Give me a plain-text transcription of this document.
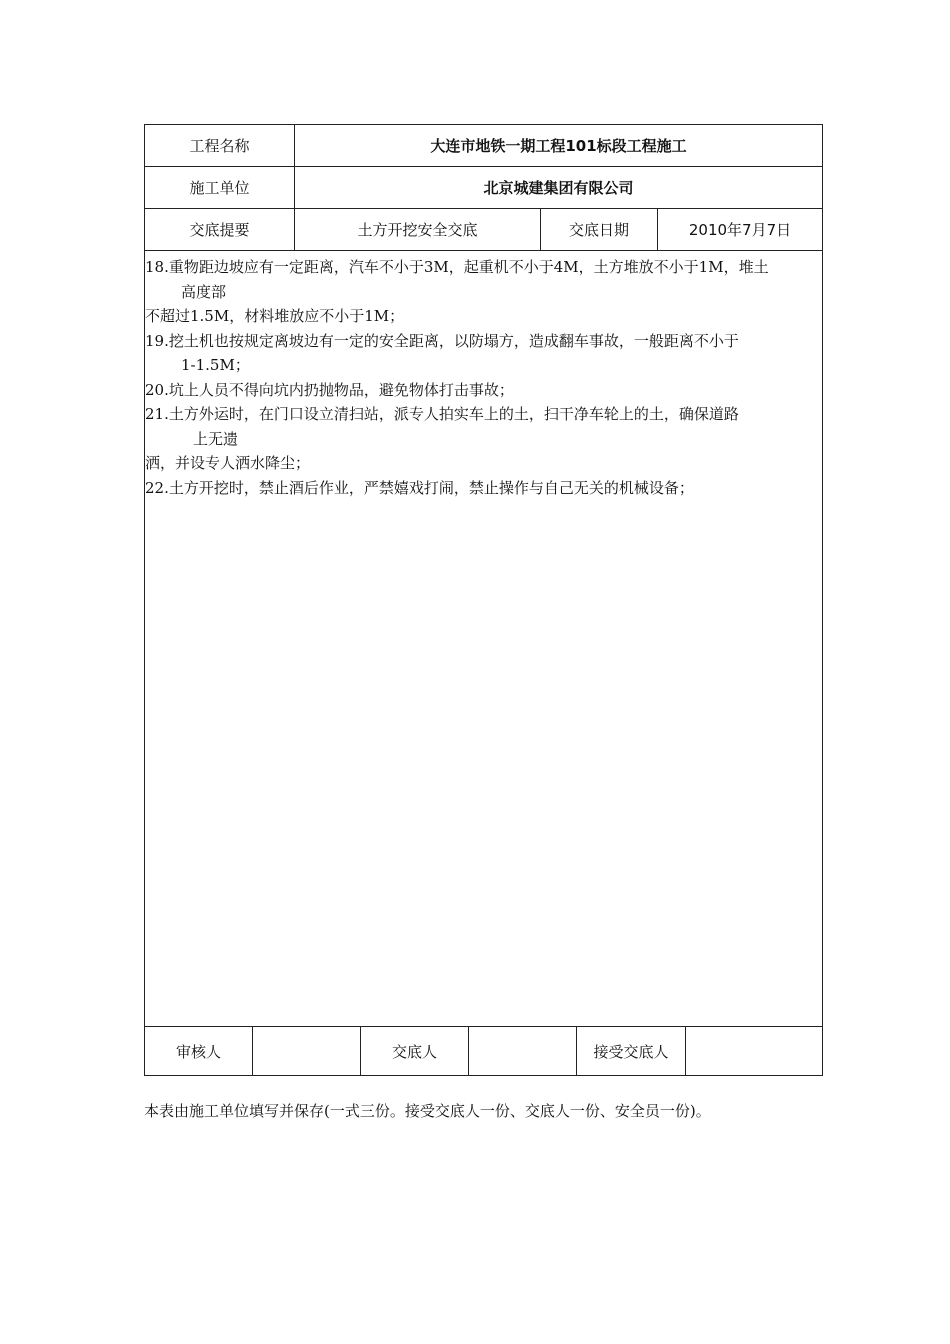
工程名称	大连市地铁一期工程101标段工程施工
施工单位	北京城建集团有限公司
交底提要	土方开挖安全交底	交底日期	2010年7月7日
18.重物距边坡应有一定距离，汽车不小于3M，起重机不小于4M，土方堆放不小于1M，堆土
高度部
不超过1.5M，材料堆放应不小于1M；
19.挖土机也按规定离坡边有一定的安全距离，以防塌方，造成翻车事故，一般距离不小于
1-1.5M；
20.坑上人员不得向坑内扔抛物品，避免物体打击事故；
21.土方外运时，在门口设立清扫站，派专人拍实车上的土，扫干净车轮上的土，确保道路
上无遗
洒，并设专人洒水降尘；
22.土方开挖时，禁止酒后作业，严禁嬉戏打闹，禁止操作与自己无关的机械设备；
审核人	交底人	接受交底人
本表由施工单位填写并保存(一式三份。接受交底人一份、交底人一份、安全员一份)。
